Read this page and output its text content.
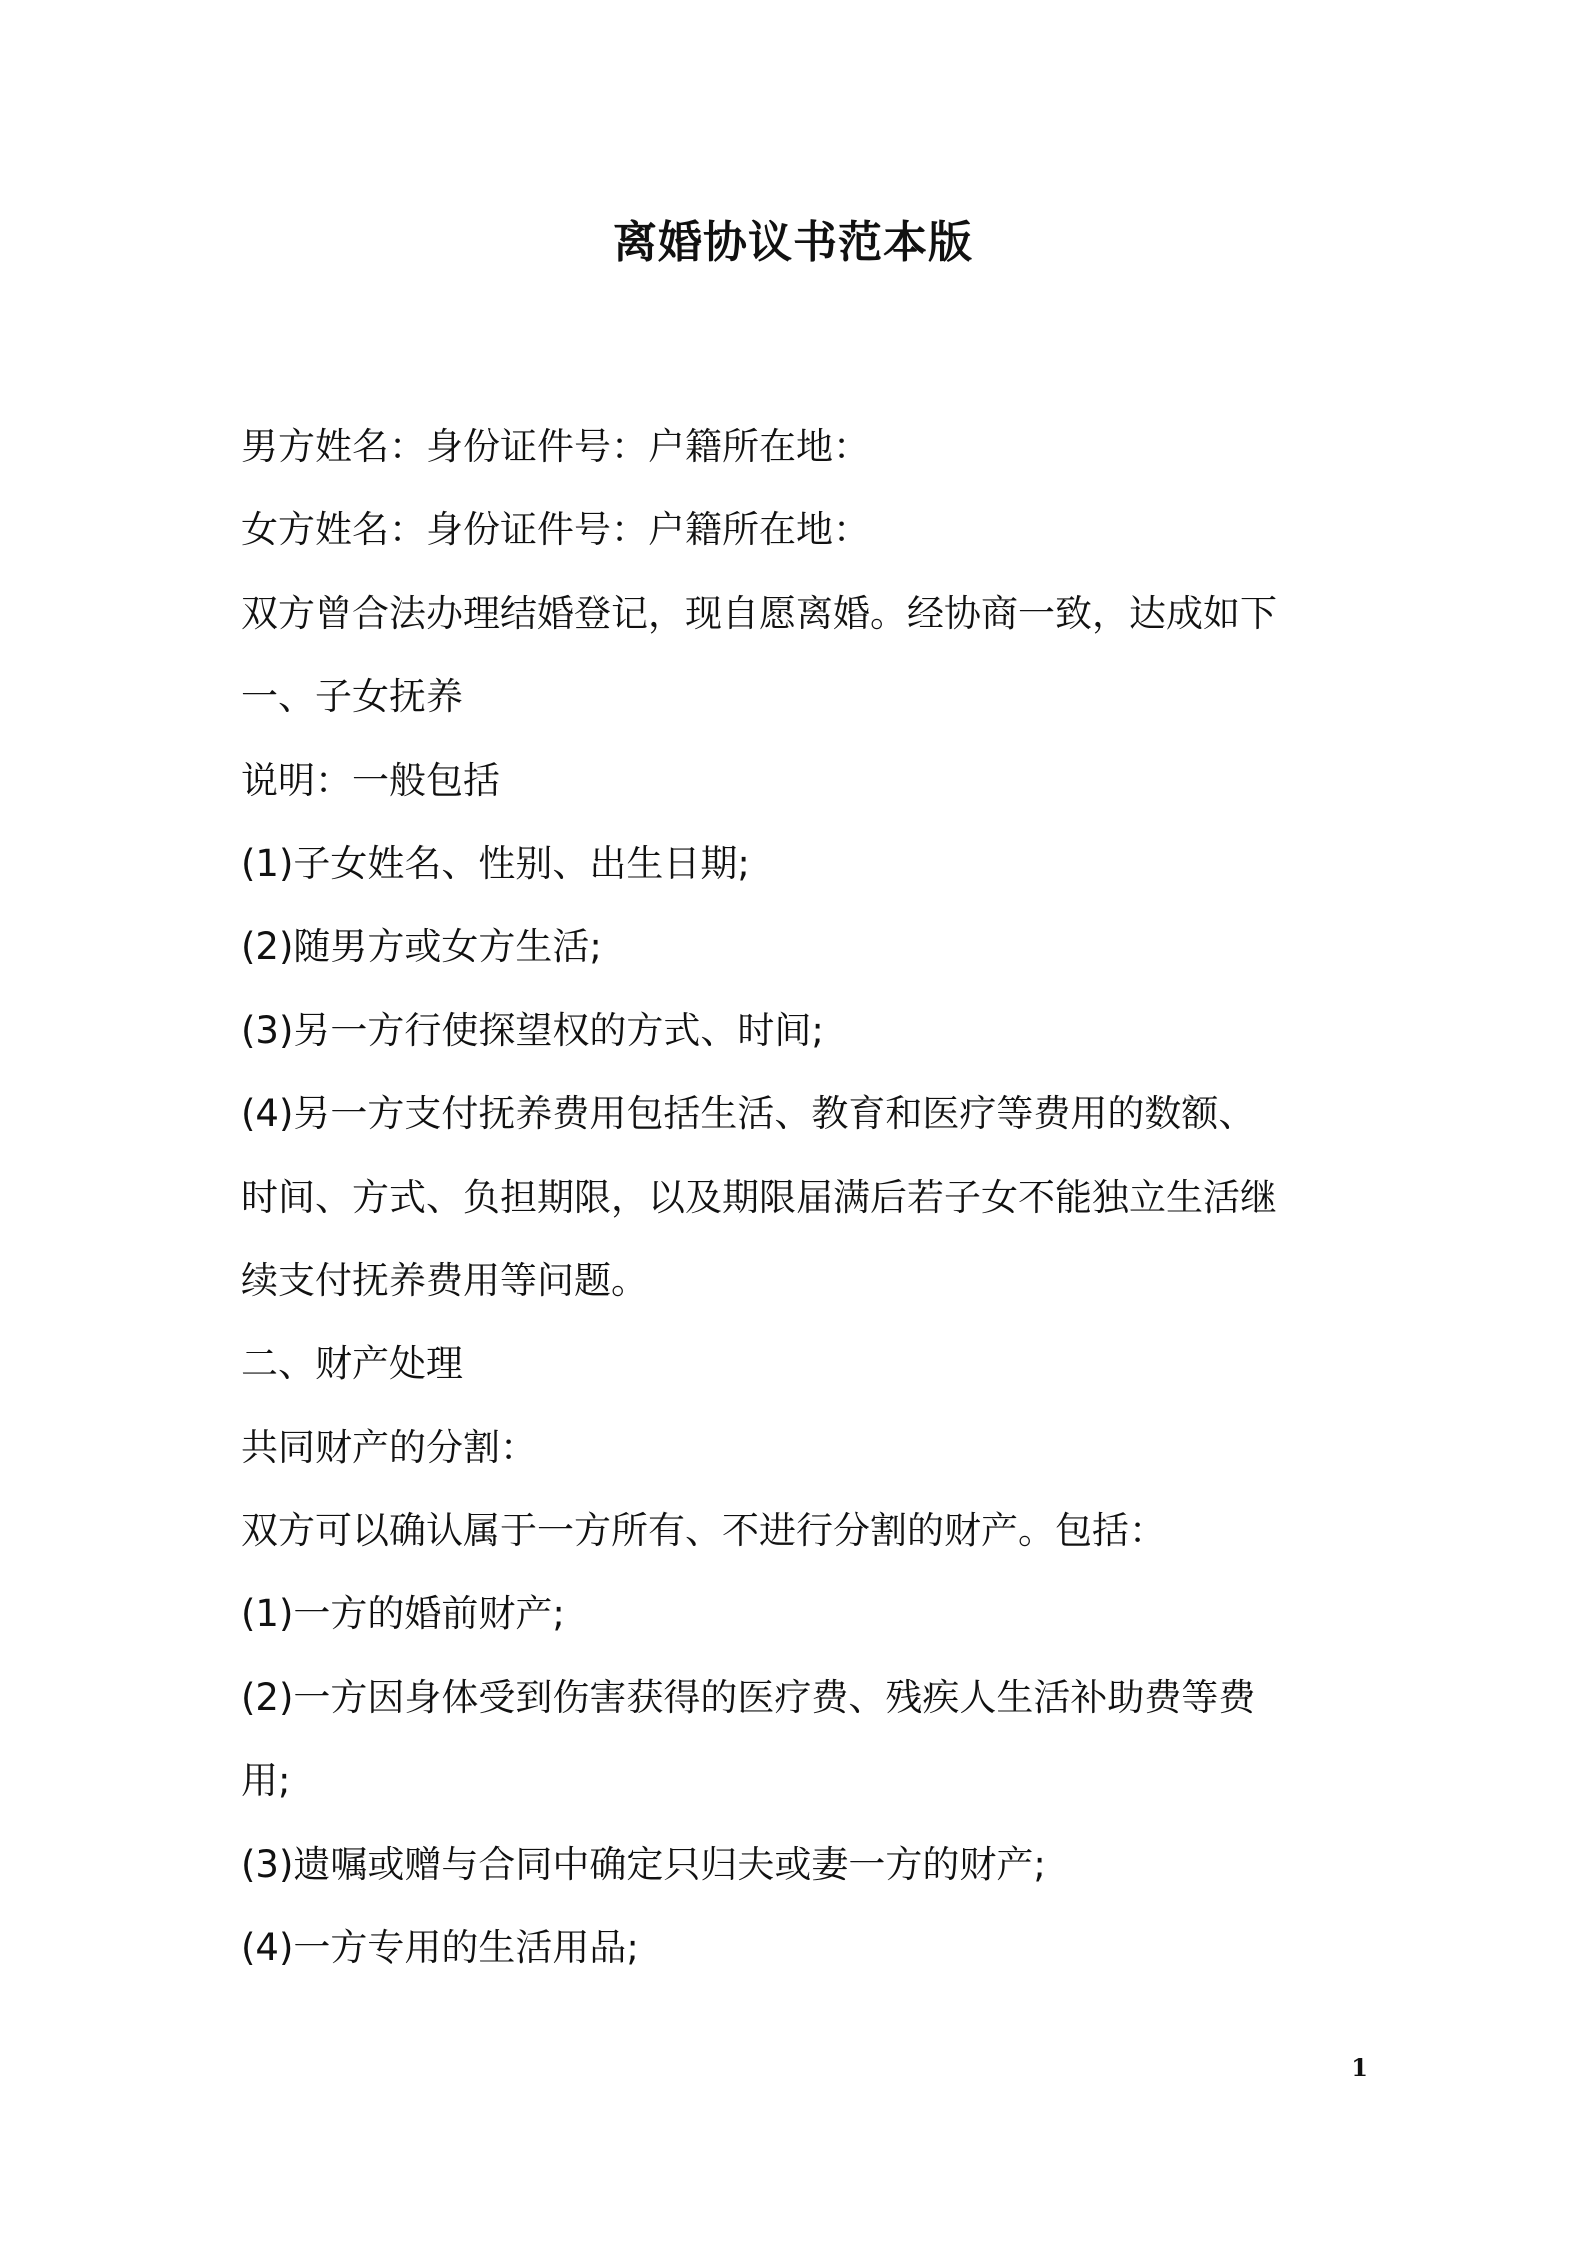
离婚协议书范本版
男方姓名：身份证件号：户籍所在地：
女方姓名：身份证件号：户籍所在地：
双方曾合法办理结婚登记，现自愿离婚。经协商一致，达成如下
一、子女抚养
说明：一般包括
(1)子女姓名、性别、出生日期;
(2)随男方或女方生活;
(3)另一方行使探望权的方式、时间;
(4)另一方支付抚养费用包括生活、教育和医疗等费用的数额、
时间、方式、负担期限，以及期限届满后若子女不能独立生活继
续支付抚养费用等问题。
二、财产处理
共同财产的分割：
双方可以确认属于一方所有、不进行分割的财产。包括：
(1)一方的婚前财产;
(2)一方因身体受到伤害获得的医疗费、残疾人生活补助费等费
用;
(3)遗嘱或赠与合同中确定只归夫或妻一方的财产;
(4)一方专用的生活用品;
1
